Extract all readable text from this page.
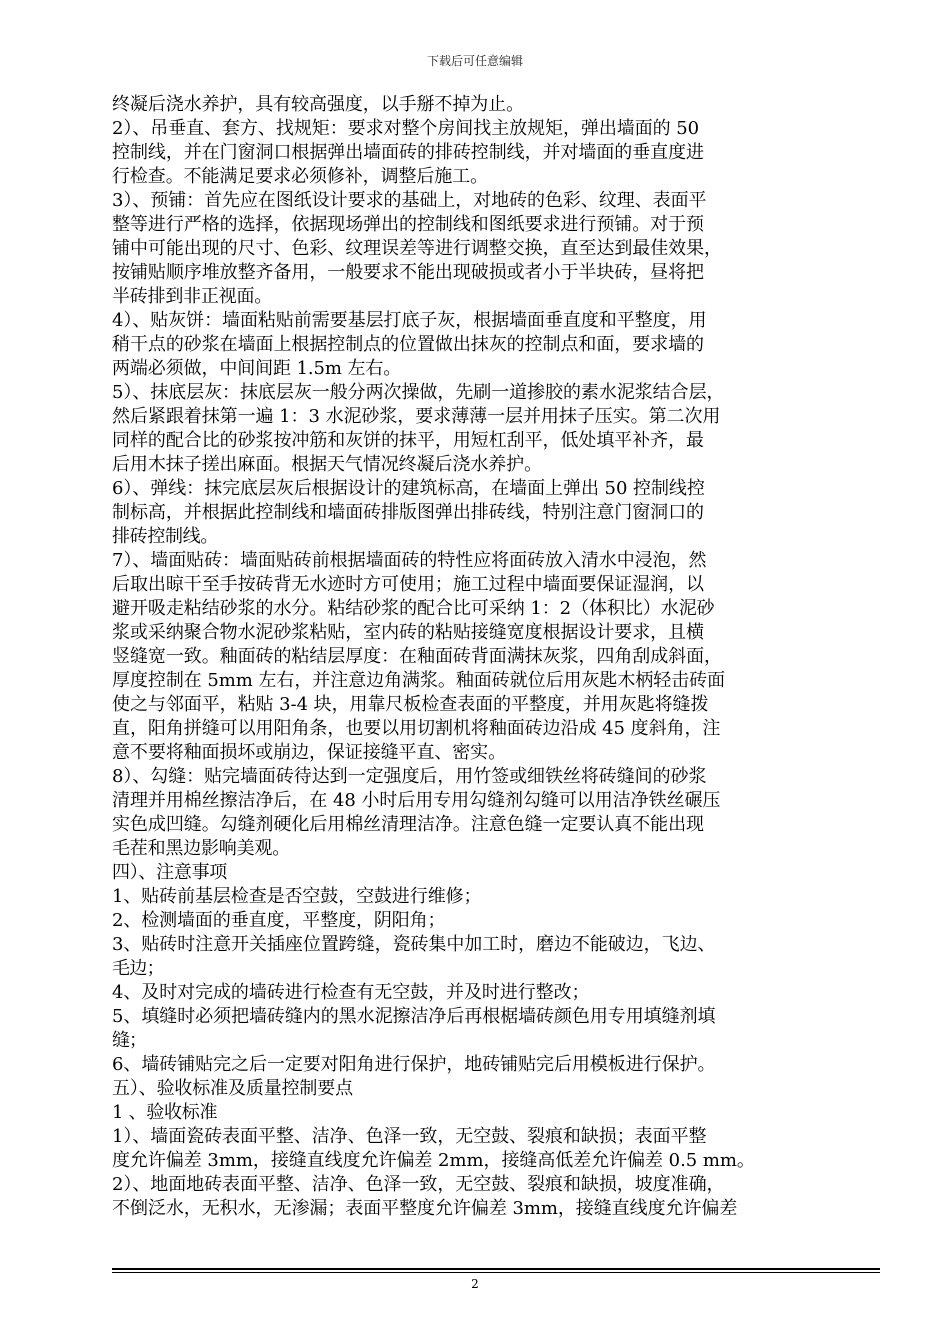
下载后可任意编辑
终凝后浇水养护，具有较高强度，以手掰不掉为止。
2）、吊垂直、套方、找规矩：要求对整个房间找主放规矩，弹出墙面的 50
控制线，并在门窗洞口根据弹出墙面砖的排砖控制线，并对墙面的垂直度进
行检查。不能满足要求必须修补，调整后施工。
3）、预铺：首先应在图纸设计要求的基础上，对地砖的色彩、纹理、表面平
整等进行严格的选择，依据现场弹出的控制线和图纸要求进行预铺。对于预
铺中可能出现的尺寸、色彩、纹理误差等进行调整交换，直至达到最佳效果，
按铺贴顺序堆放整齐备用，一般要求不能出现破损或者小于半块砖，昼将把
半砖排到非正视面。
4）、贴灰饼：墙面粘贴前需要基层打底子灰，根据墙面垂直度和平整度，用
稍干点的砂浆在墙面上根据控制点的位置做出抹灰的控制点和面，要求墙的
两端必须做，中间间距 1.5m 左右。
5）、抹底层灰：抹底层灰一般分两次操做，先刷一道掺胶的素水泥浆结合层，
然后紧跟着抹第一遍 1：3 水泥砂浆，要求薄薄一层并用抹子压实。第二次用
同样的配合比的砂浆按冲筋和灰饼的抹平，用短杠刮平，低处填平补齐，最
后用木抹子搓出麻面。根据天气情况终凝后浇水养护。
6）、弹线：抹完底层灰后根据设计的建筑标高，在墙面上弹出 50 控制线控
制标高，并根据此控制线和墙面砖排版图弹出排砖线，特别注意门窗洞口的
排砖控制线。
7）、墙面贴砖：墙面贴砖前根据墙面砖的特性应将面砖放入清水中浸泡，然
后取出晾干至手按砖背无水迹时方可使用；施工过程中墙面要保证湿润，以
避开吸走粘结砂浆的水分。粘结砂浆的配合比可采纳 1：2（体积比）水泥砂
浆或采纳聚合物水泥砂浆粘贴，室内砖的粘贴接缝宽度根据设计要求，且横
竖缝宽一致。釉面砖的粘结层厚度：在釉面砖背面满抹灰浆，四角刮成斜面，
厚度控制在 5mm 左右，并注意边角满浆。釉面砖就位后用灰匙木柄轻击砖面
使之与邻面平，粘贴 3-4 块，用靠尺板检查表面的平整度，并用灰匙将缝拨
直，阳角拼缝可以用阳角条，也要以用切割机将釉面砖边沿成 45 度斜角，注
意不要将釉面损坏或崩边，保证接缝平直、密实。
8）、勾缝：贴完墙面砖待达到一定强度后，用竹签或细铁丝将砖缝间的砂浆
清理并用棉丝擦洁净后，在 48 小时后用专用勾缝剂勾缝可以用洁净铁丝碾压
实色成凹缝。勾缝剂硬化后用棉丝清理洁净。注意色缝一定要认真不能出现
毛茬和黑边影响美观。
四）、注意事项
1、贴砖前基层检查是否空鼓，空鼓进行维修；
2、检测墙面的垂直度，平整度，阴阳角；
3、贴砖时注意开关插座位置跨缝，瓷砖集中加工时，磨边不能破边，飞边、
毛边；
4、及时对完成的墙砖进行检查有无空鼓，并及时进行整改；
5、填缝时必须把墙砖缝内的黑水泥擦洁净后再根椐墙砖颜色用专用填缝剂填
缝；
6、墙砖铺贴完之后一定要对阳角进行保护，地砖铺贴完后用模板进行保护。
五）、验收标准及质量控制要点
1 、验收标准
1）、墙面瓷砖表面平整、洁净、色泽一致，无空鼓、裂痕和缺损；表面平整
度允许偏差 3mm，接缝直线度允许偏差 2mm，接缝高低差允许偏差 0.5 mm。
2）、地面地砖表面平整、洁净、色泽一致，无空鼓、裂痕和缺损，坡度准确，
不倒泛水，无积水，无渗漏；表面平整度允许偏差 3mm，接缝直线度允许偏差
2
